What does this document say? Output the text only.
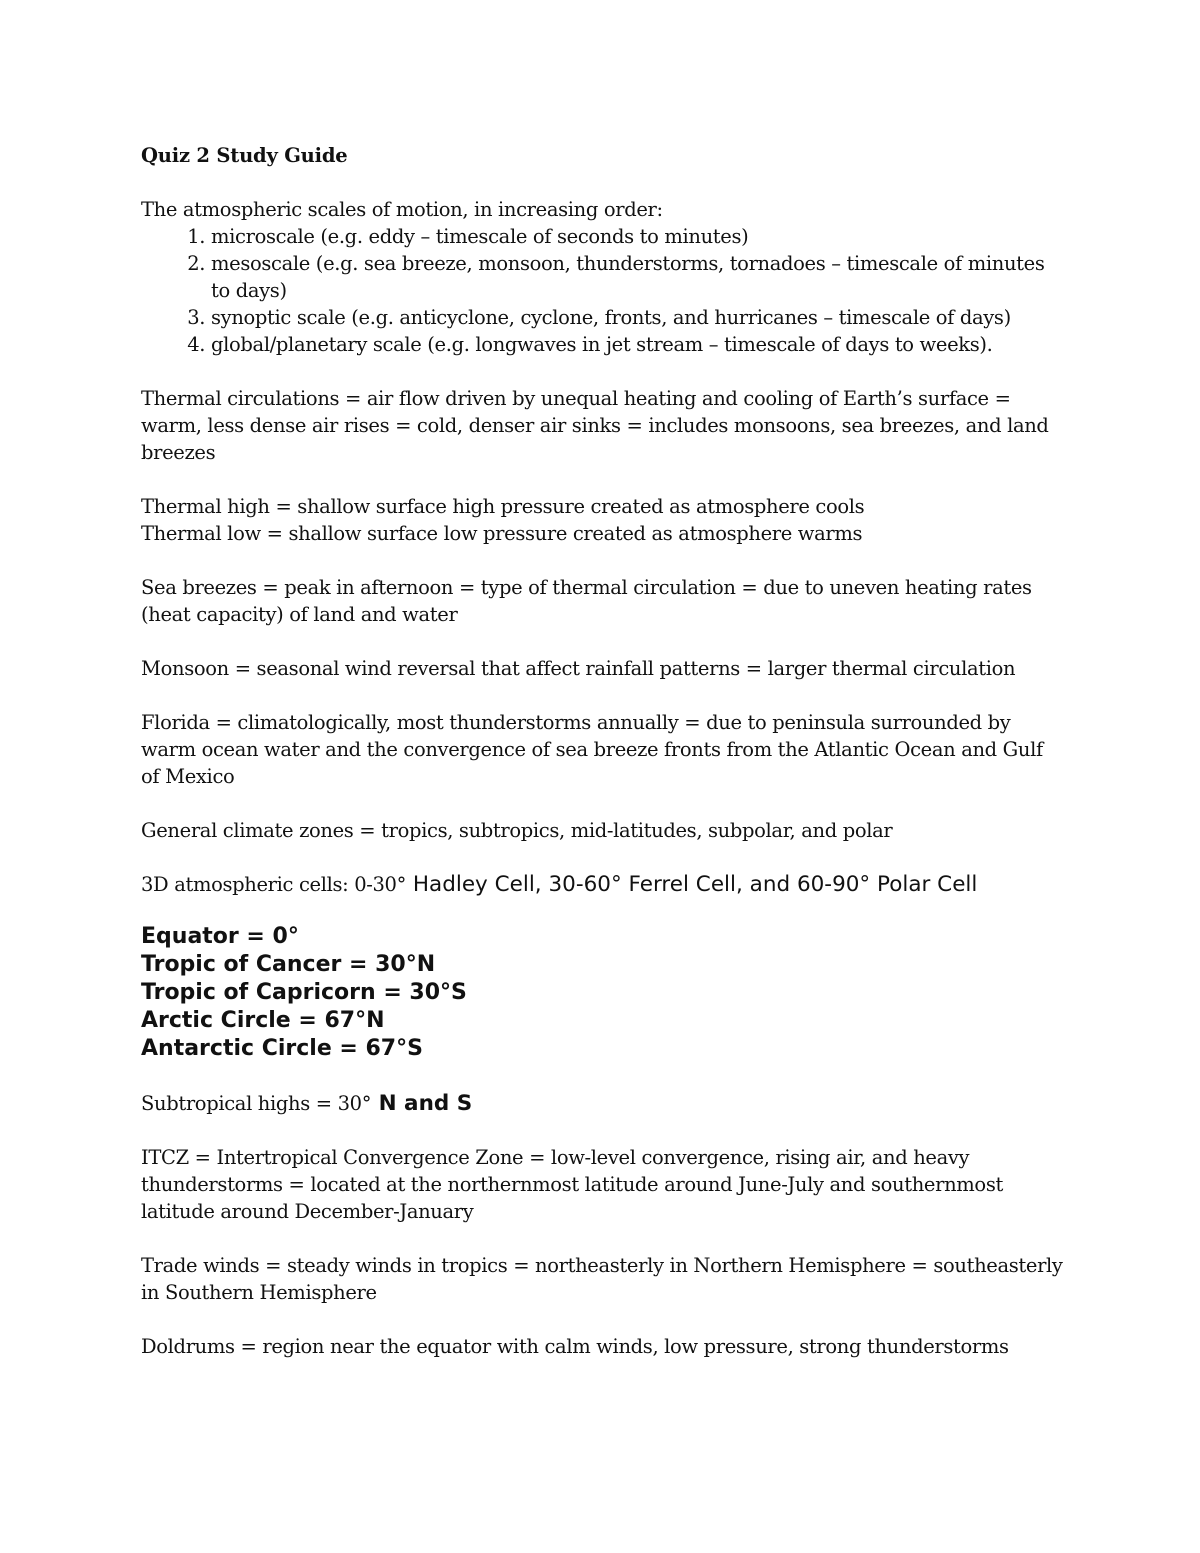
Quiz 2 Study Guide

The atmospheric scales of motion, in increasing order:

1. microscale (e.g. eddy – timescale of seconds to minutes)
2. mesoscale (e.g. sea breeze, monsoon, thunderstorms, tornadoes – timescale of minutes to days)
3. synoptic scale (e.g. anticyclone, cyclone, fronts, and hurricanes – timescale of days)
4. global/planetary scale (e.g. longwaves in jet stream – timescale of days to weeks).

Thermal circulations = air flow driven by unequal heating and cooling of Earth’s surface = warm, less dense air rises = cold, denser air sinks = includes monsoons, sea breezes, and land breezes

Thermal high = shallow surface high pressure created as atmosphere cools
Thermal low = shallow surface low pressure created as atmosphere warms

Sea breezes = peak in afternoon = type of thermal circulation = due to uneven heating rates (heat capacity) of land and water

Monsoon = seasonal wind reversal that affect rainfall patterns = larger thermal circulation

Florida = climatologically, most thunderstorms annually = due to peninsula surrounded by warm ocean water and the convergence of sea breeze fronts from the Atlantic Ocean and Gulf of Mexico

General climate zones = tropics, subtropics, mid-latitudes, subpolar, and polar

3D atmospheric cells: 0-30° Hadley Cell, 30-60° Ferrel Cell, and 60-90° Polar Cell

Equator = 0°
Tropic of Cancer = 30°N
Tropic of Capricorn = 30°S
Arctic Circle = 67°N
Antarctic Circle = 67°S

Subtropical highs = 30° N and S

ITCZ = Intertropical Convergence Zone = low-level convergence, rising air, and heavy thunderstorms = located at the northernmost latitude around June-July and southernmost latitude around December-January

Trade winds = steady winds in tropics = northeasterly in Northern Hemisphere = southeasterly in Southern Hemisphere

Doldrums = region near the equator with calm winds, low pressure, strong thunderstorms
